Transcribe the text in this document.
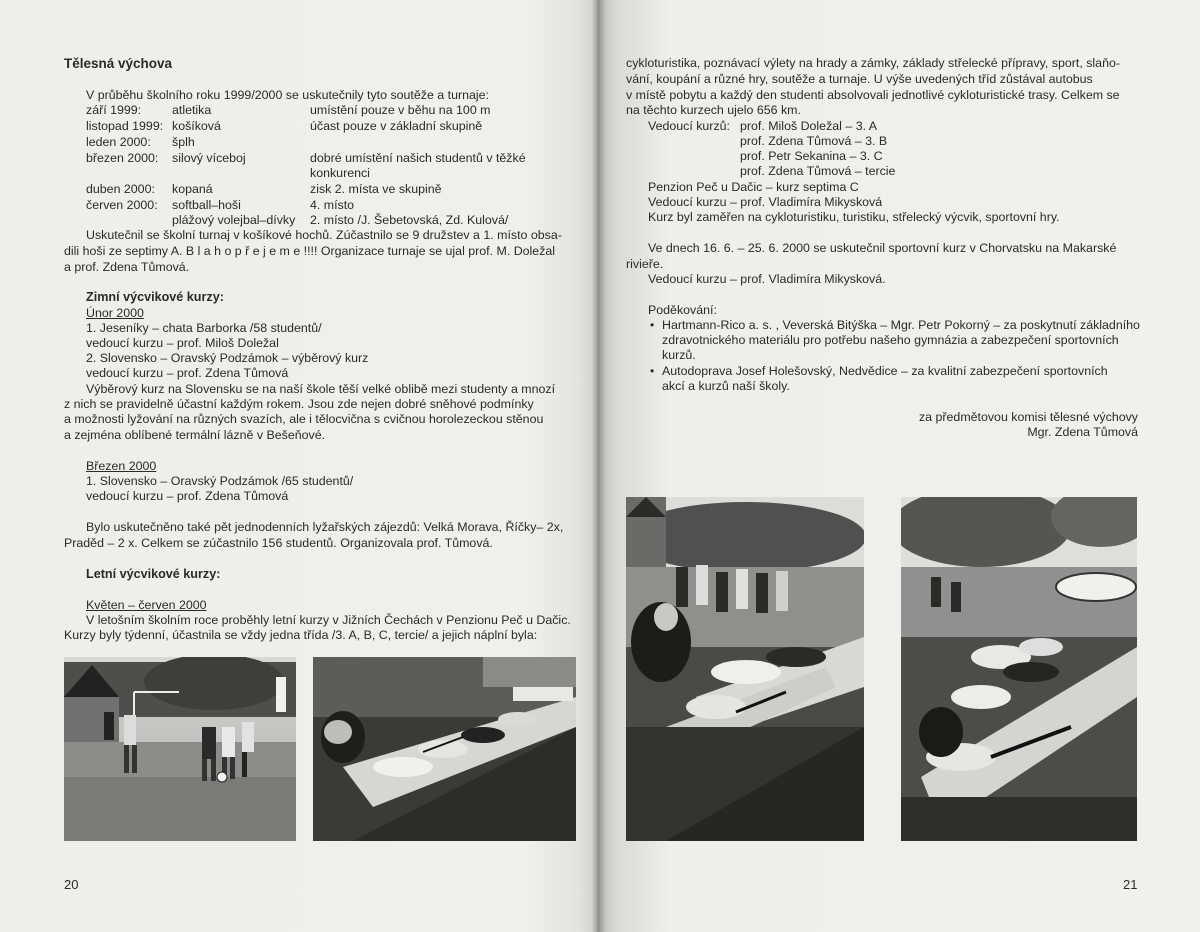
Tělesná výchova
V průběhu školního roku 1999/2000 se uskutečnily tyto soutěže a turnaje:
září 1999: atletika	umístění pouze v běhu na 100 m
listopad 1999: košíková	účast pouze v základní skupině
leden 2000: šplh
březen 2000: silový víceboj	dobré umístění našich studentů v těžké
konkurenci
duben 2000: kopaná	zisk 2. místa ve skupině
červen 2000: softball–hoši	4. místo
plážový volejbal–dívky 2. místo /J. Šebetovská, Zd. Kulová/
Uskutečnil se školní turnaj v košíkové hochů. Zúčastnilo se 9 družstev a 1. místo obsa-
dili hoši ze septimy A. B l a h o p ř e j e m e !!!! Organizace turnaje se ujal prof. M. Doležal
a prof. Zdena Tůmová.
Zimní výcvikové kurzy:
Únor 2000
1. Jeseníky – chata Barborka /58 studentů/
vedoucí kurzu – prof. Miloš Doležal
2. Slovensko – Oravský Podzámok – výběrový kurz
vedoucí kurzu – prof. Zdena Tůmová
Výběrový kurz na Slovensku se na naší škole těší velké oblibě mezi studenty a mnozí
z nich se pravidelně účastní každým rokem. Jsou zde nejen dobré sněhové podmínky
a možnosti lyžování na různých svazích, ale i tělocvična s cvičnou horolezeckou stěnou
a zejména oblíbené termální lázně v Bešeňové.
Březen 2000
1. Slovensko – Oravský Podzámok /65 studentů/
vedoucí kurzu – prof. Zdena Tůmová
Bylo uskutečněno také pět jednodenních lyžařských zájezdů: Velká Morava, Říčky– 2x,
Praděd – 2 x. Celkem se zúčastnilo 156 studentů. Organizovala prof. Tůmová.
Letní výcvikové kurzy:
Květen – červen 2000
V letošním školním roce proběhly letní kurzy v Jižních Čechách v Penzionu Peč u Dačic.
Kurzy byly týdenní, účastnila se vždy jedna třída /3. A, B, C, tercie/ a jejich náplní byla:
20
cykloturistika, poznávací výlety na hrady a zámky, základy střelecké přípravy, sport, slaňo-
vání, koupání a různé hry, soutěže a turnaje. U výše uvedených tříd zůstával autobus
v místě pobytu a každý den studenti absolvovali jednotlivé cykloturistické trasy. Celkem se
na těchto kurzech ujelo 656 km.
Vedoucí kurzů: prof. Miloš Doležal – 3. A
prof. Zdena Tůmová – 3. B
prof. Petr Sekanina – 3. C
prof. Zdena Tůmová – tercie
Penzion Peč u Dačic – kurz septima C
Vedoucí kurzu – prof. Vladimíra Mikysková
Kurz byl zaměřen na cykloturistiku, turistiku, střelecký výcvik, sportovní hry.
Ve dnech 16. 6. – 25. 6. 2000 se uskutečnil sportovní kurz v Chorvatsku na Makarské
rivieře.
Vedoucí kurzu – prof. Vladimíra Mikysková.
Poděkování:
• Hartmann-Rico a. s. , Veverská Bitýška – Mgr. Petr Pokorný – za poskytnutí základního
zdravotnického materiálu pro potřebu našeho gymnázia a zabezpečení sportovních
kurzů.
• Autodoprava Josef Holešovský, Nedvědice – za kvalitní zabezpečení sportovních
akcí a kurzů naší školy.
za předmětovou komisi tělesné výchovy
Mgr. Zdena Tůmová
21
